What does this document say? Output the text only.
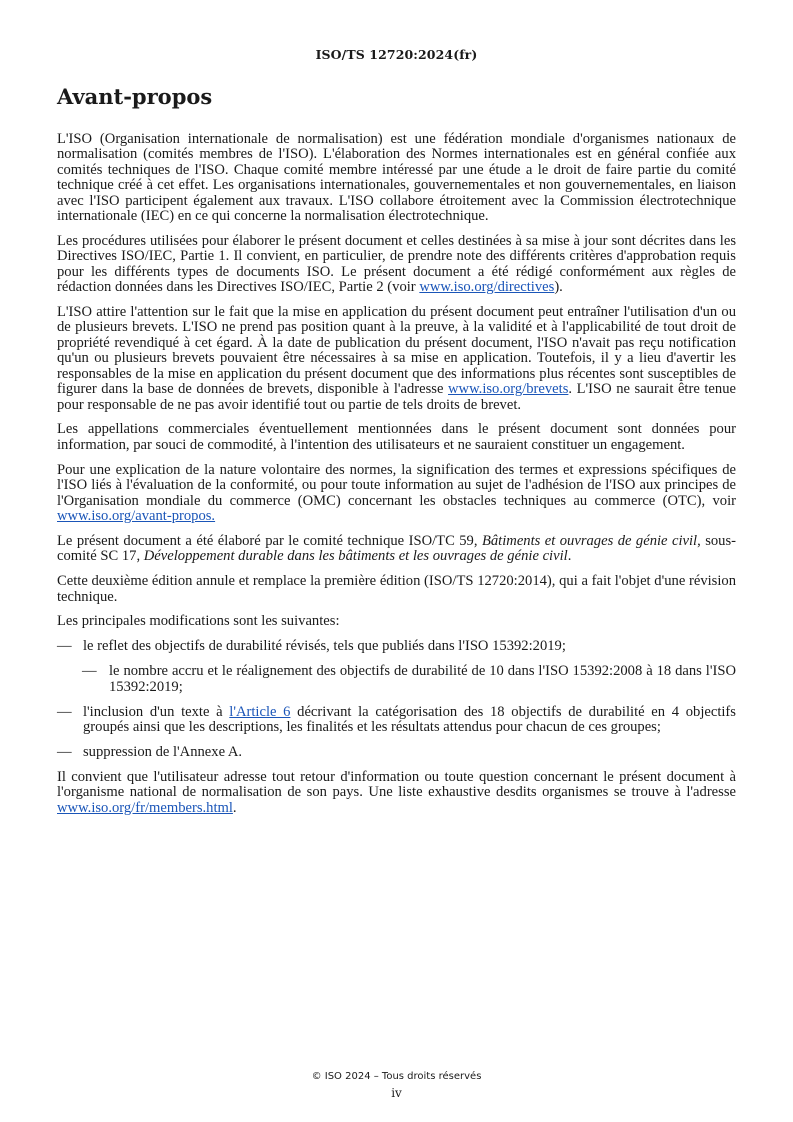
ISO/TS 12720:2024(fr)
Avant-propos

L'ISO (Organisation internationale de normalisation) est une fédération mondiale d'organismes nationaux de normalisation (comités membres de l'ISO). L'élaboration des Normes internationales est en général confiée aux comités techniques de l'ISO. Chaque comité membre intéressé par une étude a le droit de faire partie du comité technique créé à cet effet. Les organisations internationales, gouvernementales et non gouvernementales, en liaison avec l'ISO participent également aux travaux. L'ISO collabore étroitement avec la Commission électrotechnique internationale (IEC) en ce qui concerne la normalisation électrotechnique.

Les procédures utilisées pour élaborer le présent document et celles destinées à sa mise à jour sont décrites dans les Directives ISO/IEC, Partie 1. Il convient, en particulier, de prendre note des différents critères d'approbation requis pour les différents types de documents ISO. Le présent document a été rédigé conformément aux règles de rédaction données dans les Directives ISO/IEC, Partie 2 (voir www.iso.org/directives).

L'ISO attire l'attention sur le fait que la mise en application du présent document peut entraîner l'utilisation d'un ou de plusieurs brevets. L'ISO ne prend pas position quant à la preuve, à la validité et à l'applicabilité de tout droit de propriété revendiqué à cet égard. À la date de publication du présent document, l'ISO n'avait pas reçu notification qu'un ou plusieurs brevets pouvaient être nécessaires à sa mise en application. Toutefois, il y a lieu d'avertir les responsables de la mise en application du présent document que des informations plus récentes sont susceptibles de figurer dans la base de données de brevets, disponible à l'adresse www.iso.org/brevets. L'ISO ne saurait être tenue pour responsable de ne pas avoir identifié tout ou partie de tels droits de brevet.

Les appellations commerciales éventuellement mentionnées dans le présent document sont données pour information, par souci de commodité, à l'intention des utilisateurs et ne sauraient constituer un engagement.

Pour une explication de la nature volontaire des normes, la signification des termes et expressions spécifiques de l'ISO liés à l'évaluation de la conformité, ou pour toute information au sujet de l'adhésion de l'ISO aux principes de l'Organisation mondiale du commerce (OMC) concernant les obstacles techniques au commerce (OTC), voir www.iso.org/avant-propos.

Le présent document a été élaboré par le comité technique ISO/TC 59, Bâtiments et ouvrages de génie civil, sous-comité SC 17, Développement durable dans les bâtiments et les ouvrages de génie civil.

Cette deuxième édition annule et remplace la première édition (ISO/TS 12720:2014), qui a fait l'objet d'une révision technique.

Les principales modifications sont les suivantes:

— le reflet des objectifs de durabilité révisés, tels que publiés dans l'ISO 15392:2019;
— le nombre accru et le réalignement des objectifs de durabilité de 10 dans l'ISO 15392:2008 à 18 dans l'ISO 15392:2019;
— l'inclusion d'un texte à l'Article 6 décrivant la catégorisation des 18 objectifs de durabilité en 4 objectifs groupés ainsi que les descriptions, les finalités et les résultats attendus pour chacun de ces groupes;
— suppression de l'Annexe A.

Il convient que l'utilisateur adresse tout retour d'information ou toute question concernant le présent document à l'organisme national de normalisation de son pays. Une liste exhaustive desdits organismes se trouve à l'adresse www.iso.org/fr/members.html.

© ISO 2024 – Tous droits réservés
iv
